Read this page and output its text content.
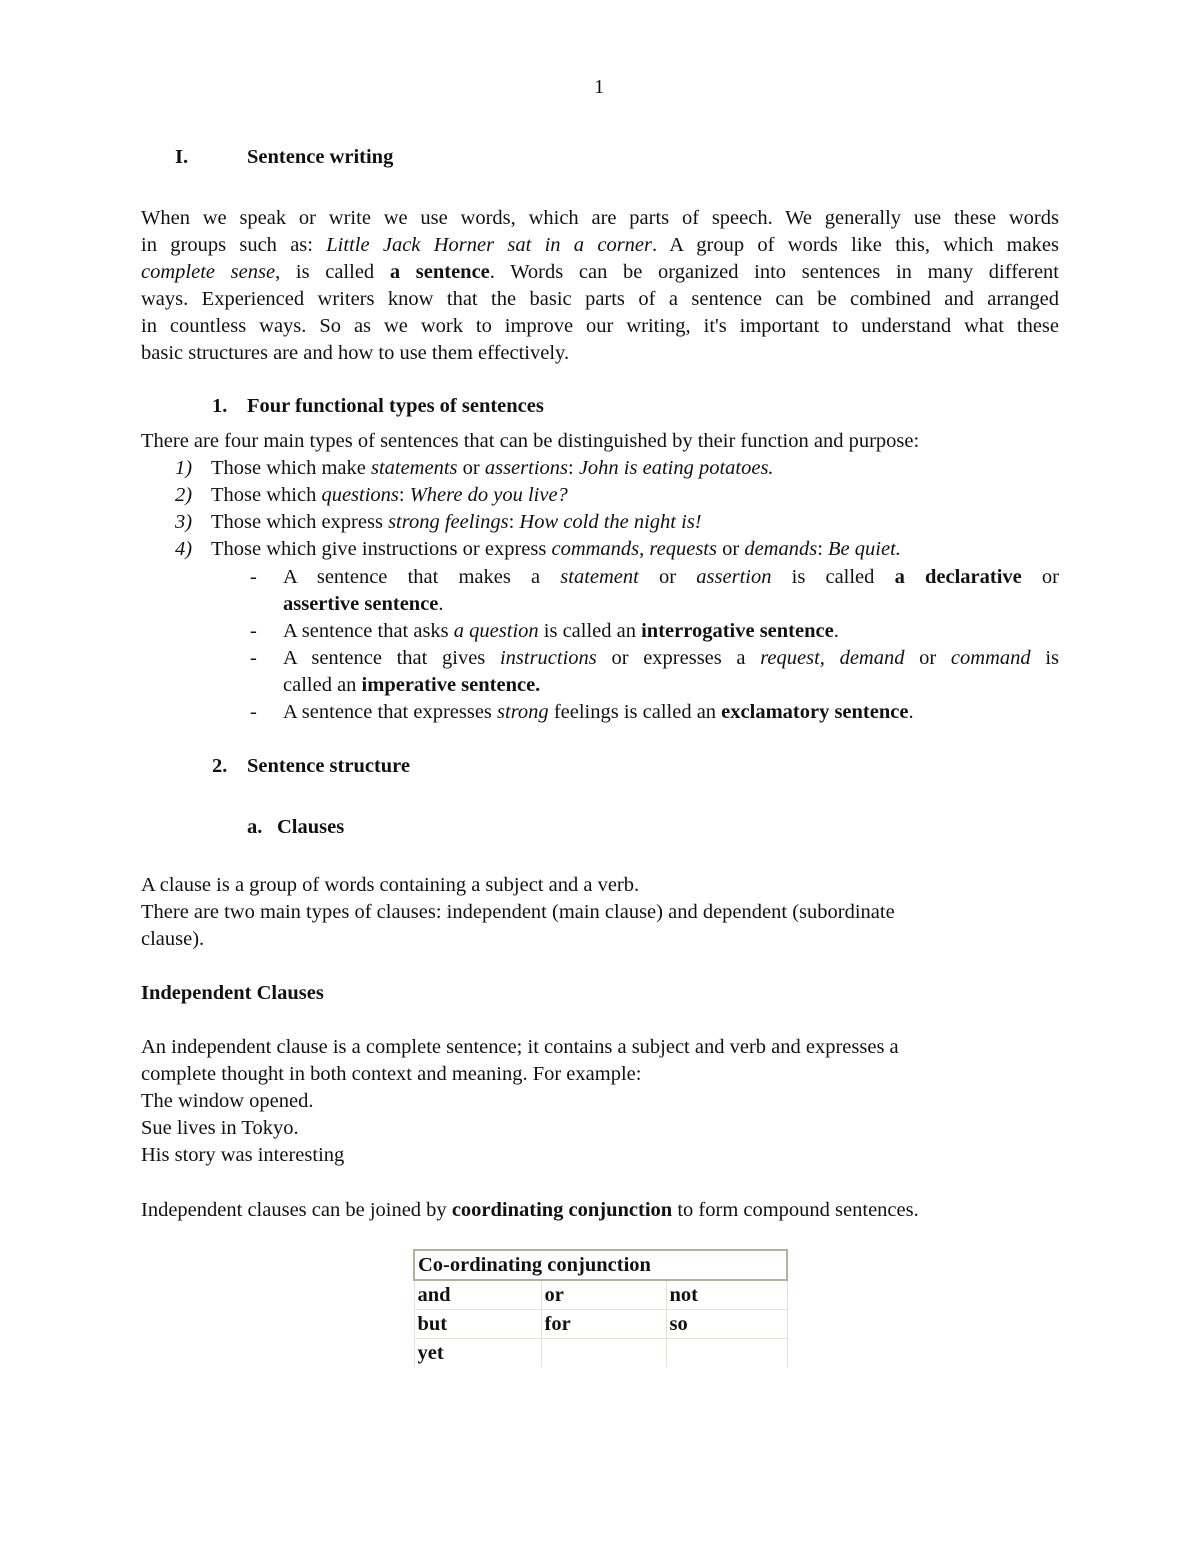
1
I.	Sentence writing
When we speak or write we use words, which are parts of speech. We generally use these words
in groups such as: Little Jack Horner sat in a corner. A group of words like this, which makes
complete sense, is called a sentence. Words can be organized into sentences in many different
ways. Experienced writers know that the basic parts of a sentence can be combined and arranged
in countless ways. So as we work to improve our writing, it's important to understand what these
basic structures are and how to use them effectively.
1. Four functional types of sentences
There are four main types of sentences that can be distinguished by their function and purpose:
1) Those which make statements or assertions: John is eating potatoes.
2) Those which questions: Where do you live?
3) Those which express strong feelings: How cold the night is!
4) Those which give instructions or express commands, requests or demands: Be quiet.
- A sentence that makes a statement or assertion is called a declarative or
assertive sentence.
- A sentence that asks a question is called an interrogative sentence.
- A sentence that gives instructions or expresses a request, demand or command is
called an imperative sentence.
- A sentence that expresses strong feelings is called an exclamatory sentence.
2. Sentence structure
a. Clauses
A clause is a group of words containing a subject and a verb.
There are two main types of clauses: independent (main clause) and dependent (subordinate
clause).
Independent Clauses
An independent clause is a complete sentence; it contains a subject and verb and expresses a
complete thought in both context and meaning. For example:
The window opened.
Sue lives in Tokyo.
His story was interesting
Independent clauses can be joined by coordinating conjunction to form compound sentences.
Co-ordinating conjunction		
and	or	not
but	for	so
yet		
